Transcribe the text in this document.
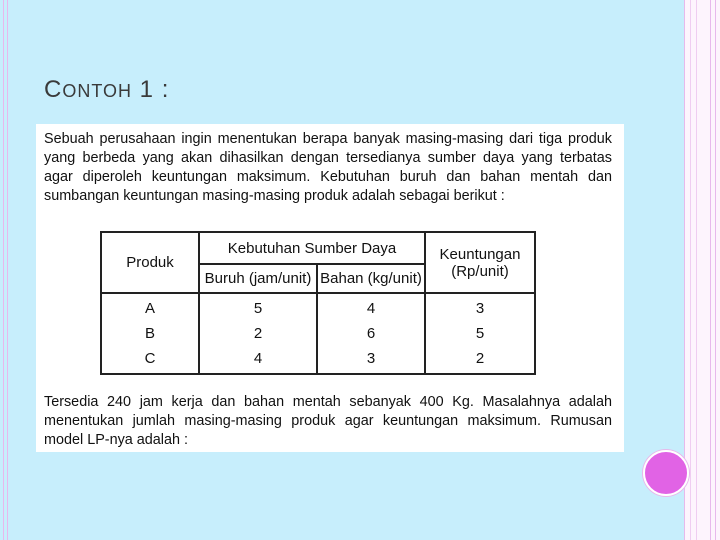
CONTOH 1 :
Sebuah perusahaan ingin menentukan berapa banyak masing-masing dari tiga produk yang berbeda yang akan dihasilkan dengan tersedianya sumber daya yang terbatas agar diperoleh keuntungan maksimum. Kebutuhan buruh dan bahan mentah dan sumbangan keuntungan masing-masing produk adalah sebagai berikut :
Produk	Kebutuhan Sumber Daya		Keuntungan
(Rp/unit)
	Buruh (jam/unit)	Bahan (kg/unit)	
A	5	4	3
B	2	6	5
C	4	3	2
Tersedia 240 jam kerja dan bahan mentah sebanyak 400 Kg. Masalahnya adalah menentukan jumlah masing-masing produk agar keuntungan maksimum. Rumusan model LP-nya adalah :
